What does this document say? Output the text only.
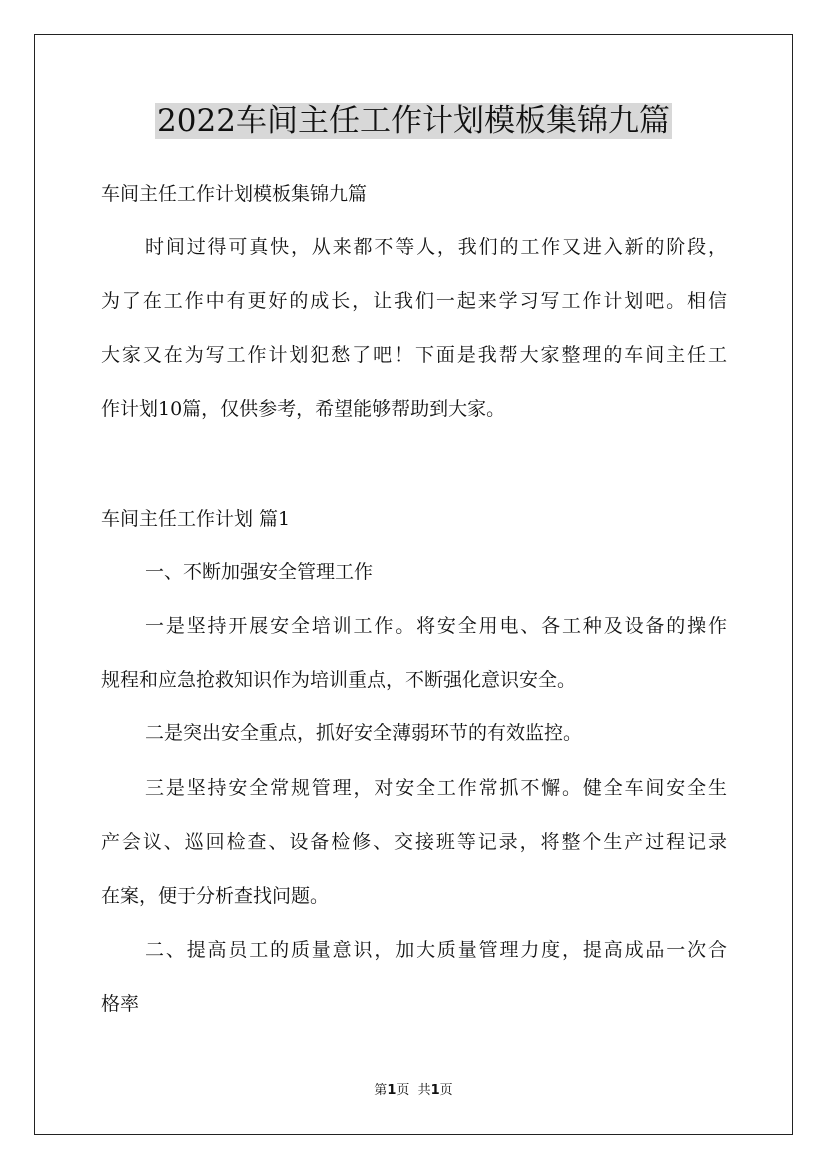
2022车间主任工作计划模板集锦九篇

车间主任工作计划模板集锦九篇

时间过得可真快，从来都不等人，我们的工作又进入新的阶段，

为了在工作中有更好的成长，让我们一起来学习写工作计划吧。相信

大家又在为写工作计划犯愁了吧！下面是我帮大家整理的车间主任工

作计划10篇，仅供参考，希望能够帮助到大家。

车间主任工作计划 篇1

一、不断加强安全管理工作

一是坚持开展安全培训工作。将安全用电、各工种及设备的操作

规程和应急抢救知识作为培训重点，不断强化意识安全。

二是突出安全重点，抓好安全薄弱环节的有效监控。

三是坚持安全常规管理，对安全工作常抓不懈。健全车间安全生

产会议、巡回检查、设备检修、交接班等记录，将整个生产过程记录

在案，便于分析查找问题。

二、提高员工的质量意识，加大质量管理力度，提高成品一次合

格率

第1页  共1页
